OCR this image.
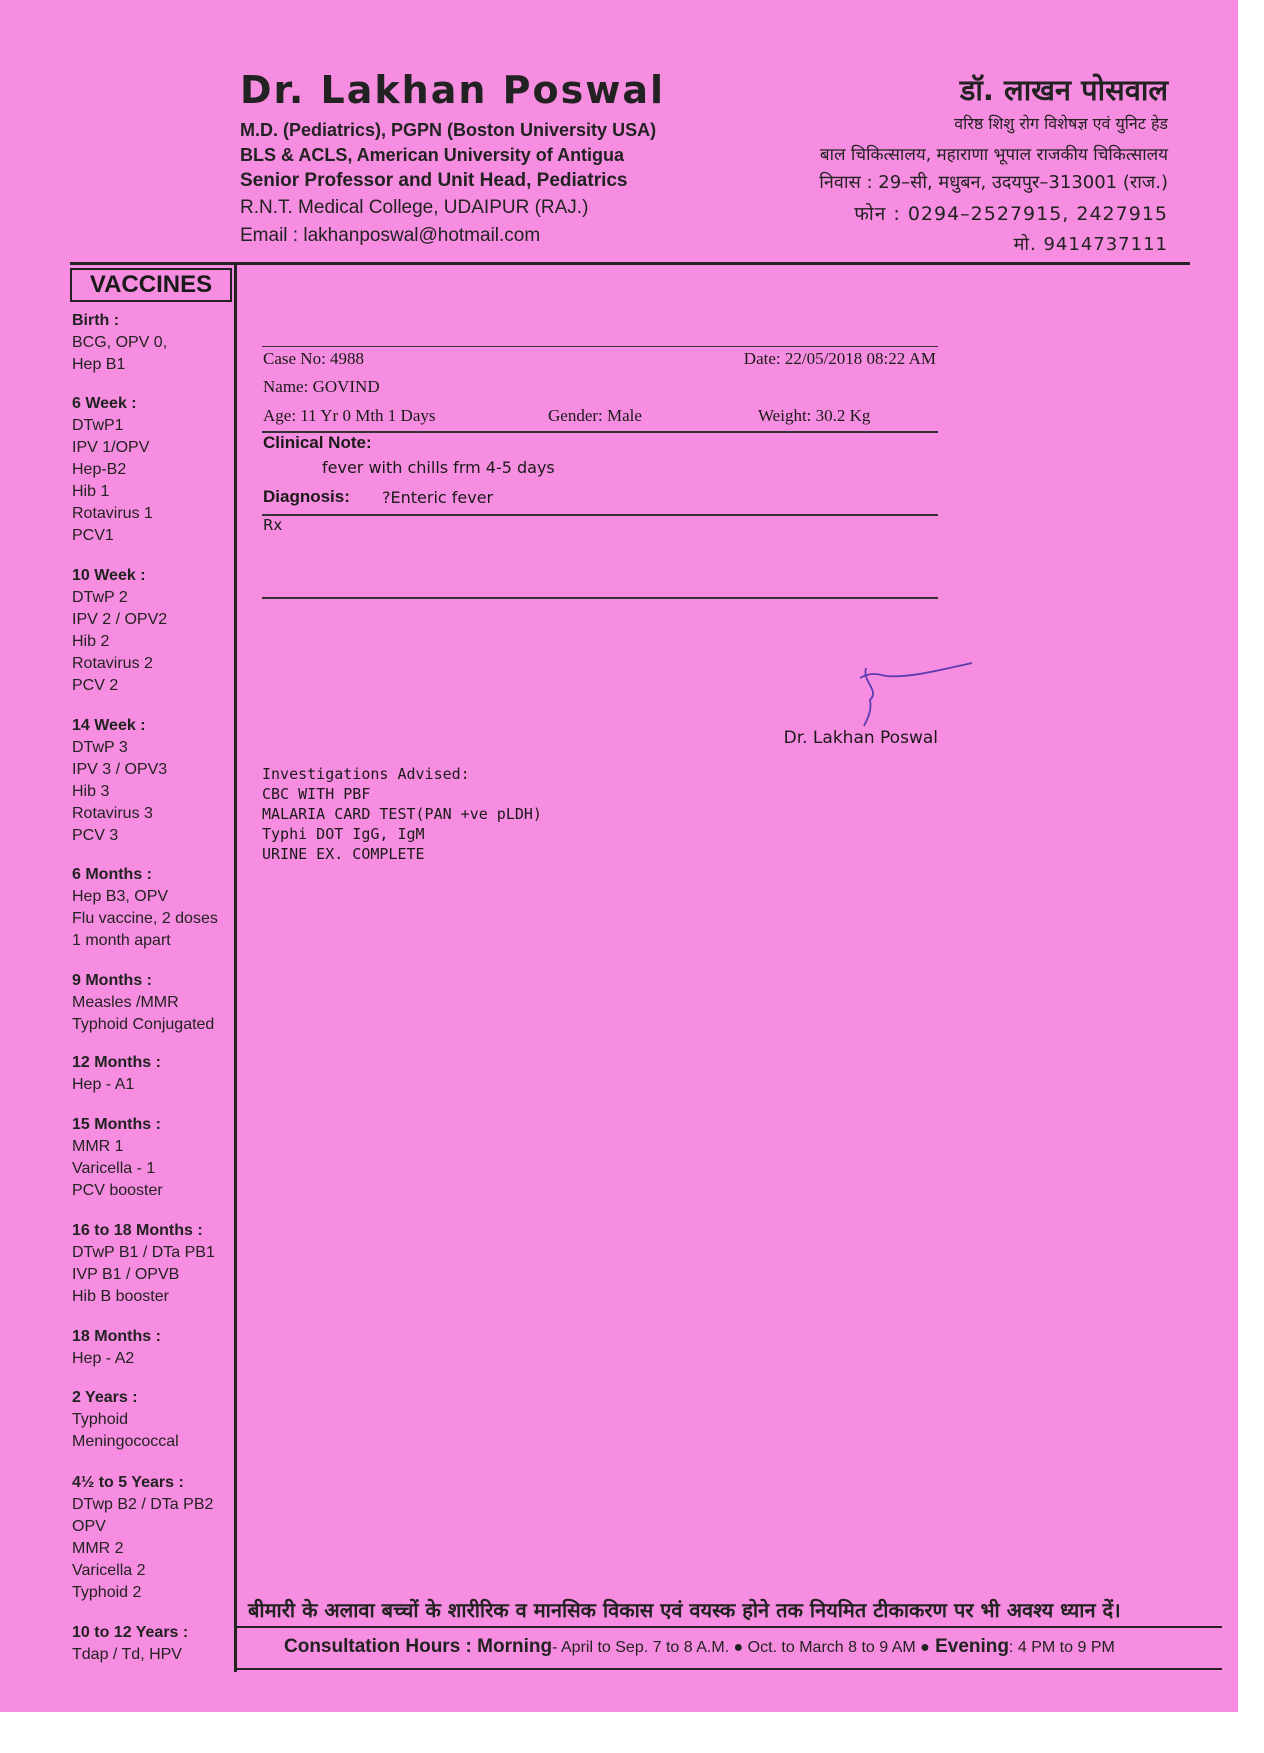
Dr. Lakhan Poswal
M.D. (Pediatrics), PGPN (Boston University USA)
BLS & ACLS, American University of Antigua
Senior Professor and Unit Head, Pediatrics
R.N.T. Medical College, UDAIPUR (RAJ.)
Email : lakhanposwal@hotmail.com
डॉ. लाखन पोसवाल
वरिष्ठ शिशु रोग विशेषज्ञ एवं युनिट हेड
बाल चिकित्सालय, महाराणा भूपाल राजकीय चिकित्सालय
निवास : 29–सी, मधुबन, उदयपुर–313001 (राज.)
फोन : 0294–2527915, 2427915
मो. 9414737111
VACCINES
Birth :
BCG, OPV 0,
Hep B1
6 Week :
DTwP1
IPV 1/OPV
Hep-B2
Hib 1
Rotavirus 1
PCV1
10 Week :
DTwP 2
IPV 2 / OPV2
Hib 2
Rotavirus 2
PCV 2
14 Week :
DTwP 3
IPV 3 / OPV3
Hib 3
Rotavirus 3
PCV 3
6 Months :
Hep B3, OPV
Flu vaccine, 2 doses
1 month apart
9 Months :
Measles /MMR
Typhoid Conjugated
12 Months :
Hep - A1
15 Months :
MMR 1
Varicella - 1
PCV booster
16 to 18 Months :
DTwP B1 / DTa PB1
IVP B1 / OPVB
Hib B booster
18 Months :
Hep - A2
2 Years :
Typhoid
Meningococcal
4½ to 5 Years :
DTwp B2 / DTa PB2
OPV
MMR 2
Varicella 2
Typhoid 2
10 to 12 Years :
Tdap / Td, HPV
Case No: 4988	Date: 22/05/2018 08:22 AM
Name: GOVIND
Age: 11 Yr 0 Mth 1 Days	Gender: Male	Weight: 30.2 Kg
Clinical Note:
fever with chills frm 4-5 days
Diagnosis: ?Enteric fever
Rx
Dr. Lakhan Poswal
Investigations Advised:
CBC WITH PBF
MALARIA CARD TEST(PAN +ve pLDH)
Typhi DOT IgG, IgM
URINE EX. COMPLETE
बीमारी के अलावा बच्चों के शारीरिक व मानसिक विकास एवं वयस्क होने तक नियमित टीकाकरण पर भी अवश्य ध्यान दें।
Consultation Hours : Morning- April to Sep. 7 to 8 A.M. ● Oct. to March 8 to 9 AM ● Evening: 4 PM to 9 PM
